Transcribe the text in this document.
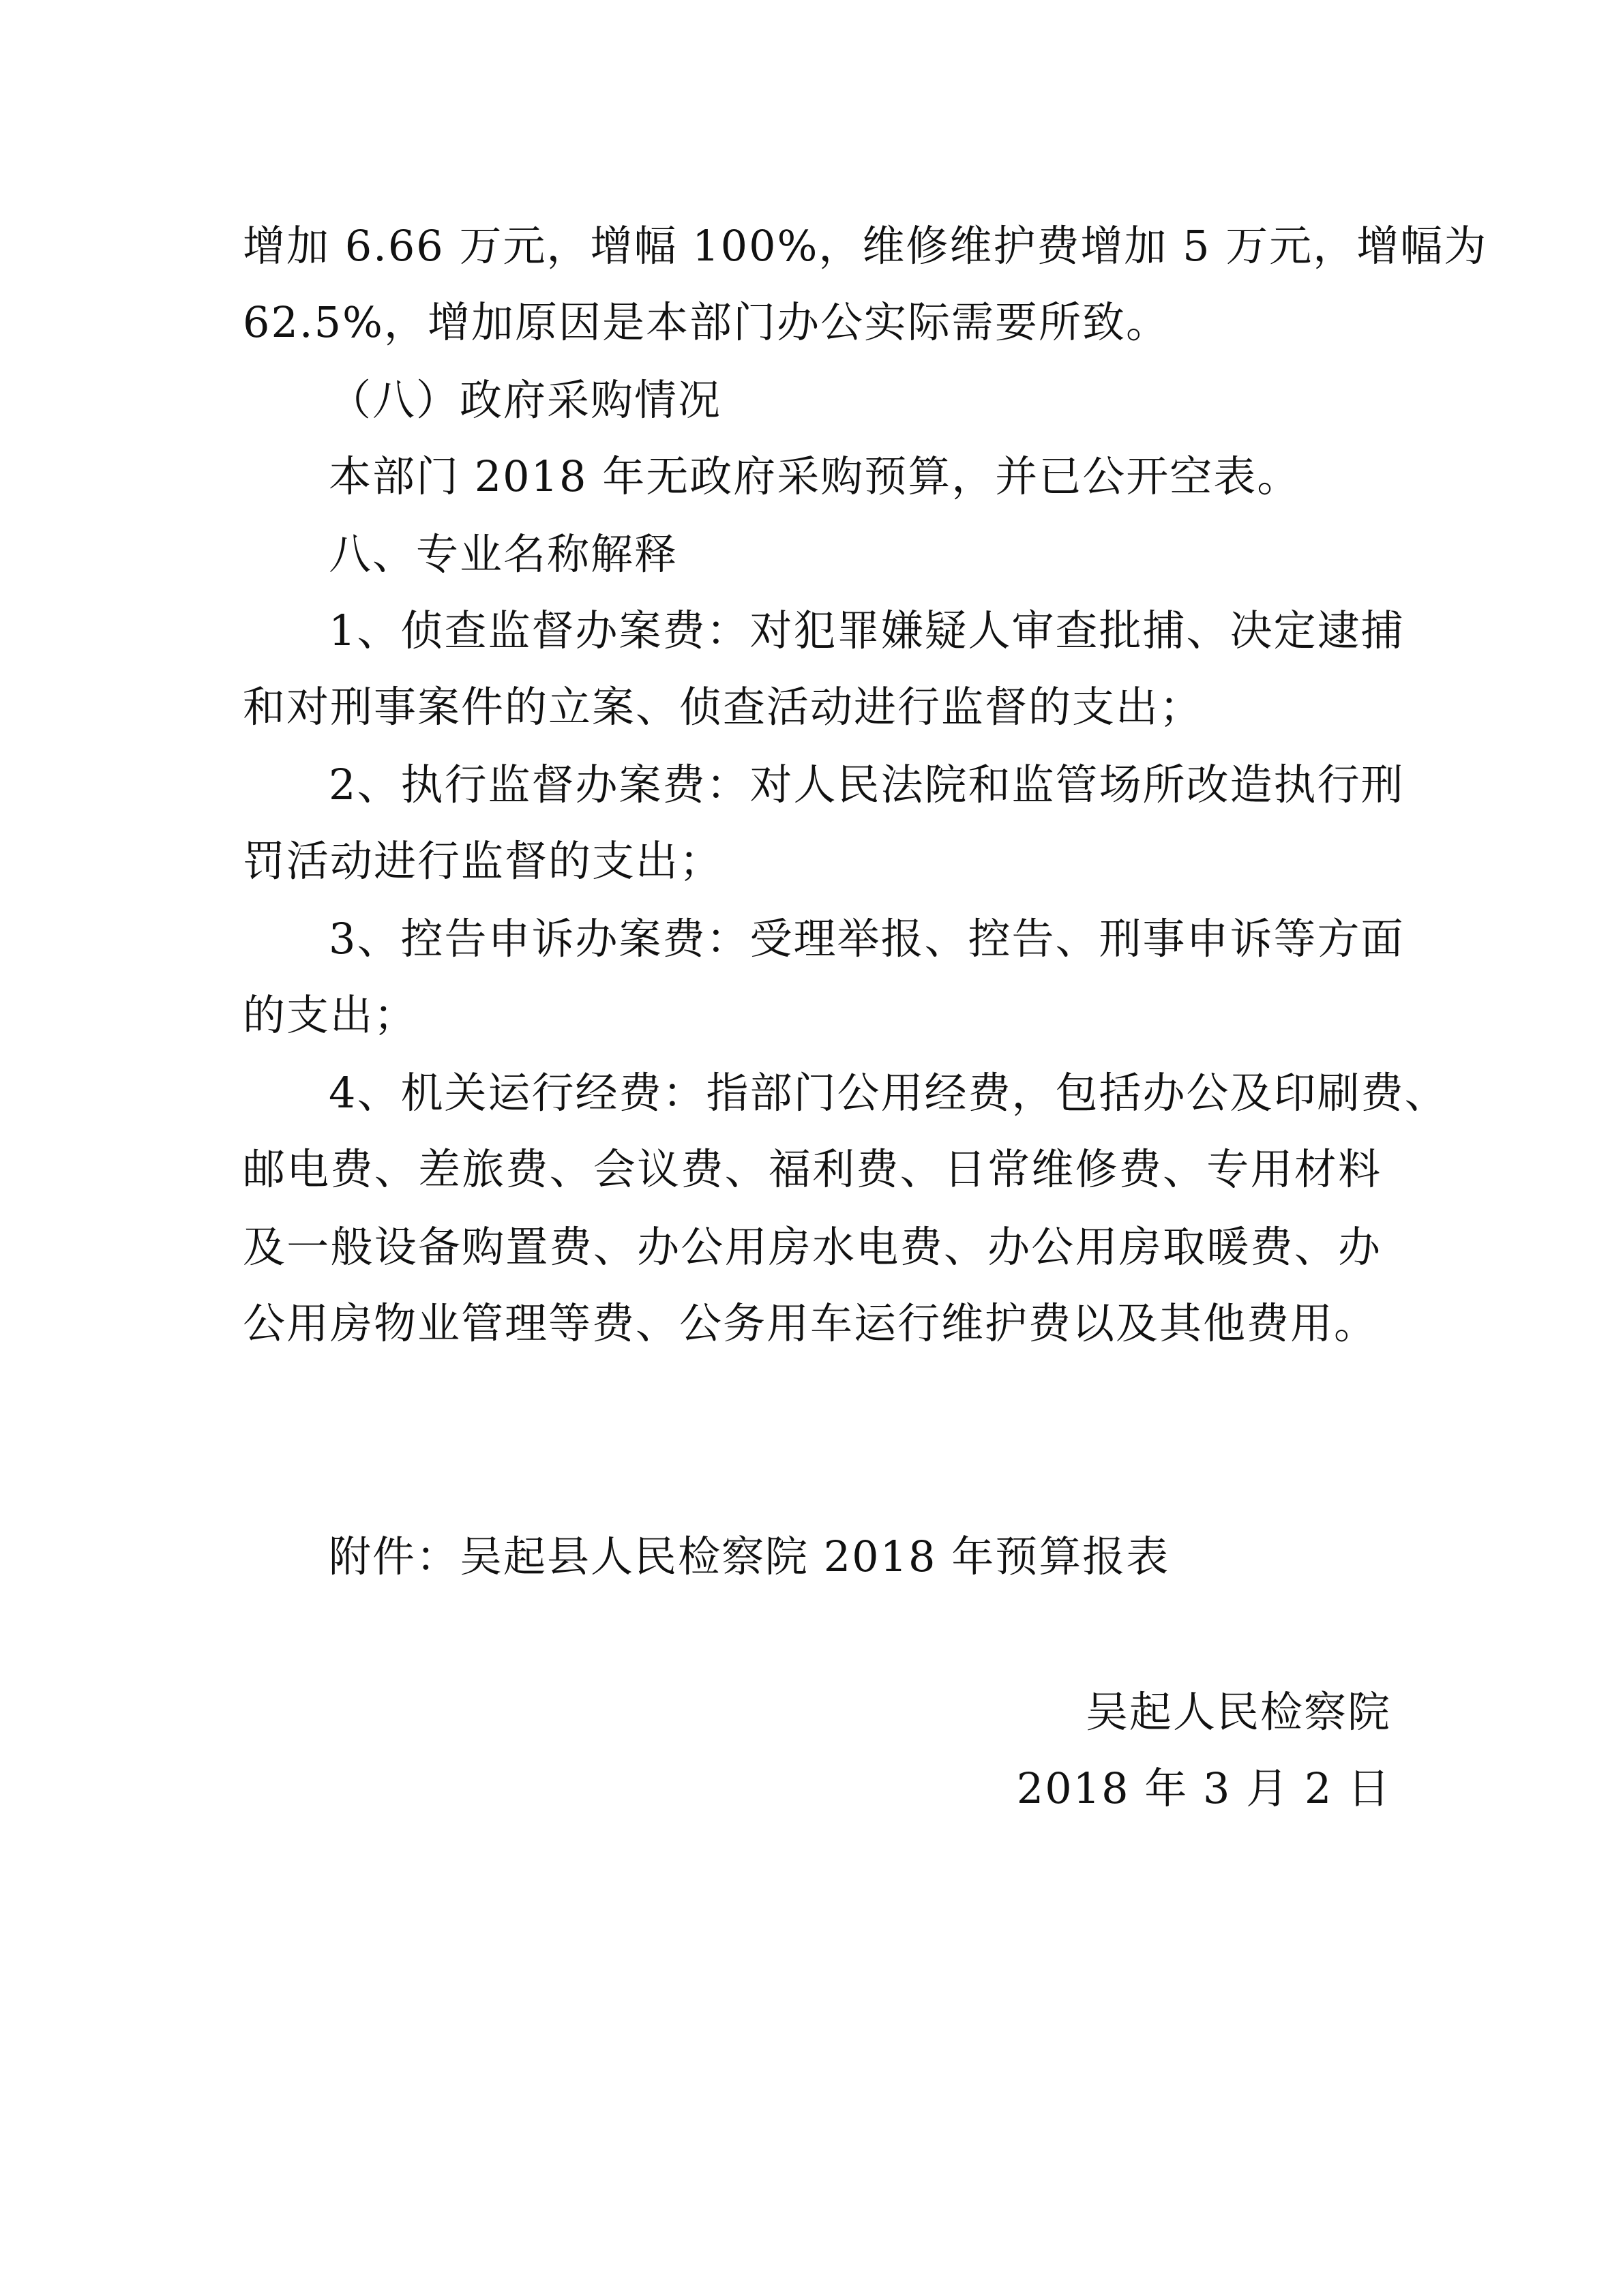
增加 6.66 万元，增幅 100%，维修维护费增加 5 万元，增幅为
62.5%，增加原因是本部门办公实际需要所致。
（八）政府采购情况
本部门 2018 年无政府采购预算，并已公开空表。
八、专业名称解释
1、侦查监督办案费：对犯罪嫌疑人审查批捕、决定逮捕
和对刑事案件的立案、侦查活动进行监督的支出；
2、执行监督办案费：对人民法院和监管场所改造执行刑
罚活动进行监督的支出；
3、控告申诉办案费：受理举报、控告、刑事申诉等方面
的支出；
4、机关运行经费：指部门公用经费，包括办公及印刷费、
邮电费、差旅费、会议费、福利费、日常维修费、专用材料
及一般设备购置费、办公用房水电费、办公用房取暖费、办
公用房物业管理等费、公务用车运行维护费以及其他费用。
附件：吴起县人民检察院 2018 年预算报表
吴起人民检察院
2018 年 3 月 2 日
